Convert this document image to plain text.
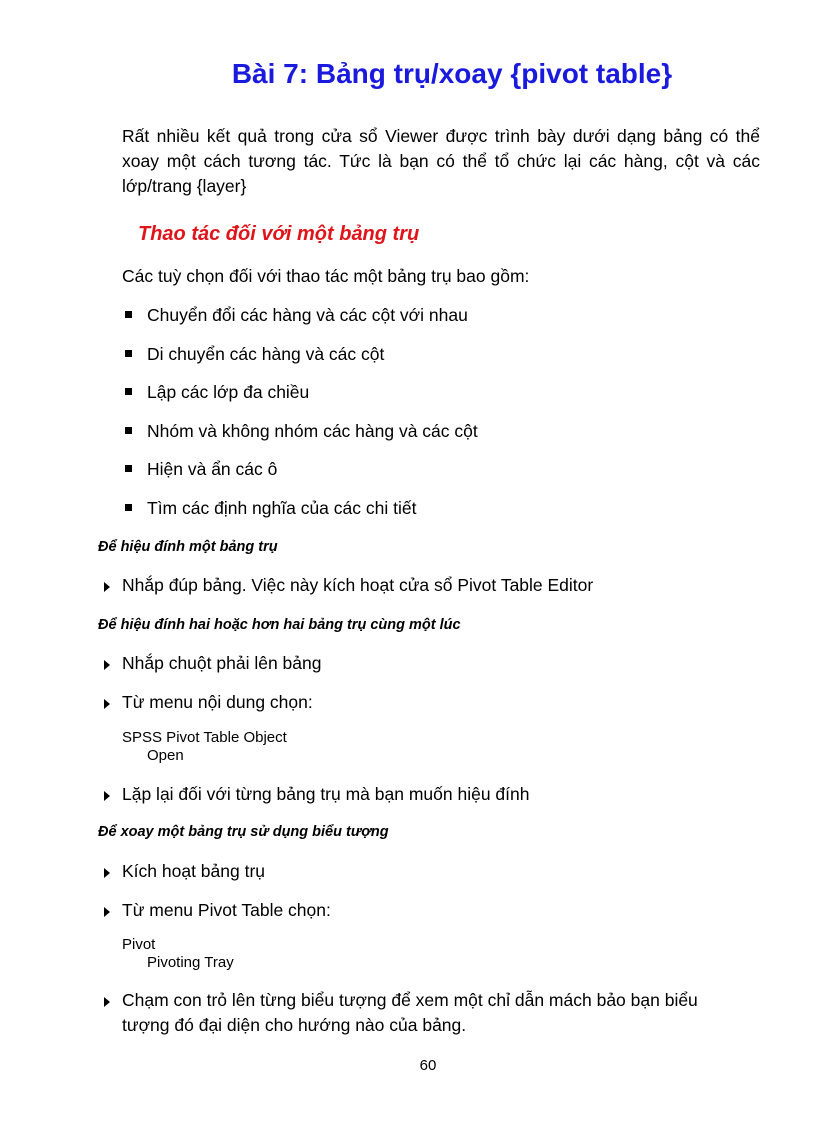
Bài 7: Bảng trụ/xoay {pivot table}
Rất nhiều kết quả trong cửa sổ Viewer được trình bày dưới dạng bảng có thể xoay một cách tương tác. Tức là bạn có thể tổ chức lại các hàng, cột và các lớp/trang {layer}
Thao tác đối với một bảng trụ
Các tuỳ chọn đối với thao tác một bảng trụ bao gồm:
Chuyển đổi các hàng và các cột với nhau
Di chuyển các hàng và các cột
Lập các lớp đa chiều
Nhóm và không nhóm các hàng và các cột
Hiện và ẩn các ô
Tìm các định nghĩa của các chi tiết
Để hiệu đính một bảng trụ
Nhắp đúp bảng. Việc này kích hoạt cửa sổ Pivot Table Editor
Để hiệu đính hai hoặc hơn hai bảng trụ cùng một lúc
Nhắp chuột phải lên bảng
Từ menu nội dung chọn:
SPSS Pivot Table Object
Open
Lặp lại đối với từng bảng trụ mà bạn muốn hiệu đính
Để xoay một bảng trụ sử dụng biểu tượng
Kích hoạt bảng trụ
Từ menu Pivot Table chọn:
Pivot
Pivoting Tray
Chạm con trỏ lên từng biểu tượng để xem một chỉ dẫn mách bảo bạn biểu
tượng đó đại diện cho hướng nào của bảng.
60
